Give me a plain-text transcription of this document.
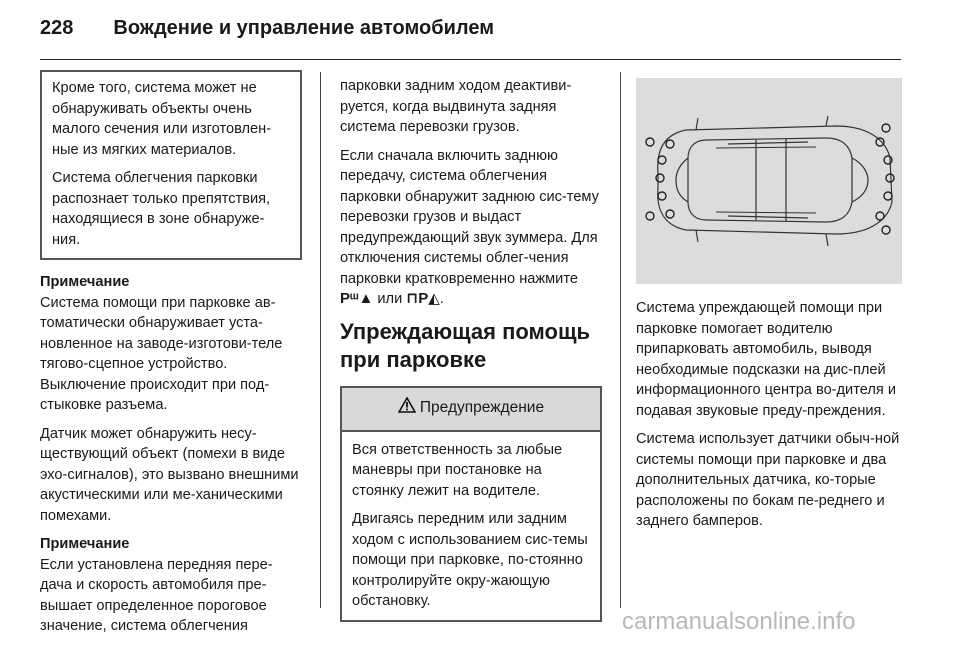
228 Вождение и управление автомобилем

Кроме того, система может не обнаруживать объекты очень малого сечения или изготовлен-ные из мягких материалов.

Система облегчения парковки распознает только препятствия, находящиеся в зоне обнаруже-ния.

Примечание

Система помощи при парковке ав-томатически обнаруживает уста-новленное на заводе-изготови-теле тягово-сцепное устройство. Выключение происходит при под-стыковке разъема.

Датчик может обнаружить несу-ществующий объект (помехи в виде эхо-сигналов), это вызвано внешними акустическими или ме-ханическими помехами.

Примечание

Если установлена передняя пере-дача и скорость автомобиля пре-вышает определенное пороговое значение, система облегчения

парковки задним ходом деактиви-руется, когда выдвинута задняя система перевозки грузов.

Если сначала включить заднюю передачу, система облегчения парковки обнаружит заднюю сис-тему перевозки грузов и выдаст предупреждающий звук зуммера. Для отключения системы облег-чения парковки кратковременно нажмите Pᵚ▲ или ⊓P◭.

Упреждающая помощь при парковке
Предупреждение

Вся ответственность за любые маневры при постановке на стоянку лежит на водителе.

Двигаясь передним или задним ходом с использованием сис-темы помощи при парковке, по-стоянно контролируйте окру-жающую обстановку.

Система упреждающей помощи при парковке помогает водителю припарковать автомобиль, выводя необходимые подсказки на дис-плей информационного центра во-дителя и подавая звуковые преду-преждения.

Система использует датчики обыч-ной системы помощи при парковке и два дополнительных датчика, ко-торые расположены по бокам пе-реднего и заднего бамперов.

carmanualsonline.info
